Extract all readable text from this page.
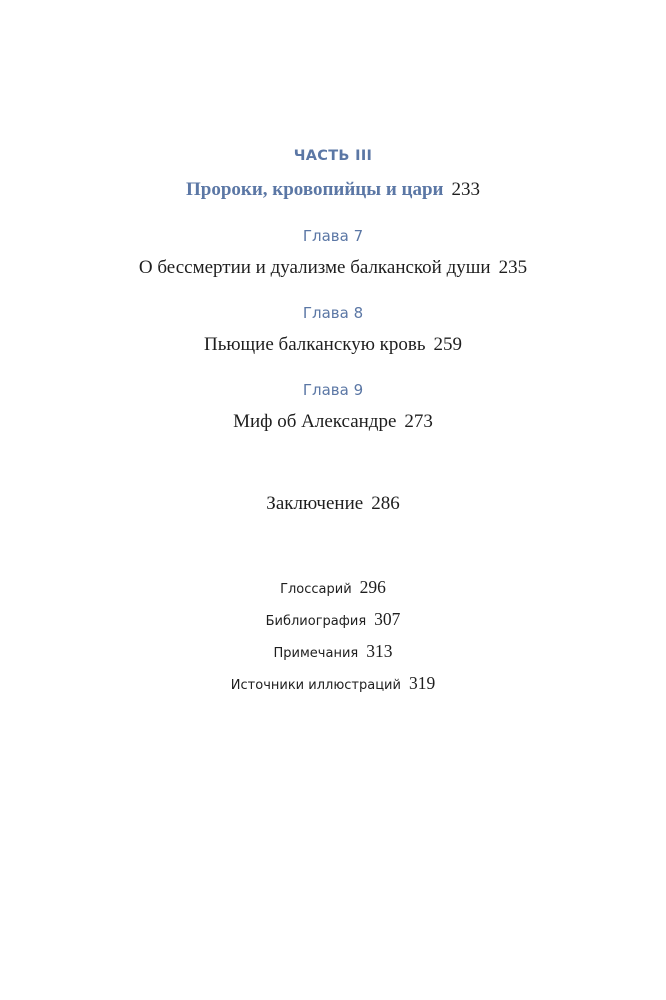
ЧАСТЬ III
Пророки, кровопийцы и цари 233
Глава 7
О бессмертии и дуализме балканской души 235
Глава 8
Пьющие балканскую кровь 259
Глава 9
Миф об Александре 273
Заключение 286
Глоссарий 296
Библиография 307
Примечания 313
Источники иллюстраций 319
